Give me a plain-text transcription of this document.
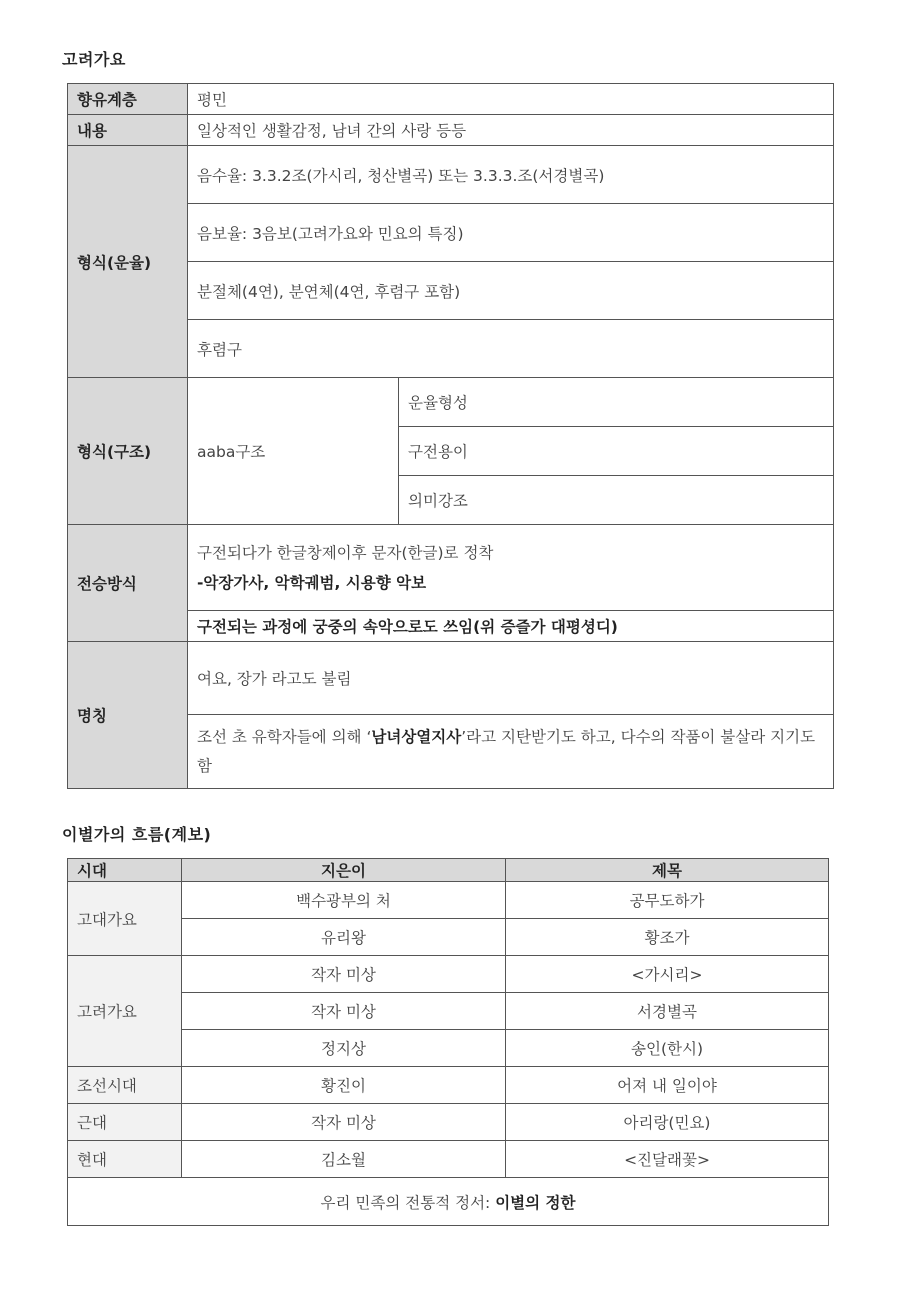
고려가요
향유계층	평민	
내용	일상적인 생활감정, 남녀 간의 사랑 등등	
형식(운율)	음수율: 3.3.2조(가시리, 청산별곡) 또는 3.3.3.조(서경별곡)	
	음보율: 3음보(고려가요와 민요의 특징)	
	분절체(4연), 분연체(4연, 후렴구 포함)	
	후렴구	
형식(구조)	aaba구조	운율형성
		구전용이
		의미강조
전승방식	구전되다가 한글창제이후 문자(한글)로 정착
-악장가사, 악학궤범, 시용향 악보	

	구전되는 과정에 궁중의 속악으로도 쓰임(위 증즐가 대평셩디)	
명칭	여요, 장가 라고도 불림	
	조선 초 유학자들에 의해 ‘남녀상열지사’라고 지탄받기도 하고, 다수의 작품이 불살라 지기도 함	
이별가의 흐름(계보)
시대	지은이	제목
고대가요	백수광부의 처	공무도하가
	유리왕	황조가
고려가요	작자 미상	<가시리>
	작자 미상	서경별곡
	정지상	송인(한시)
조선시대	황진이	어져 내 일이야
근대	작자 미상	아리랑(민요)
현대	김소월	<진달래꽃>
우리 민족의 전통적 정서: 이별의 정한		
